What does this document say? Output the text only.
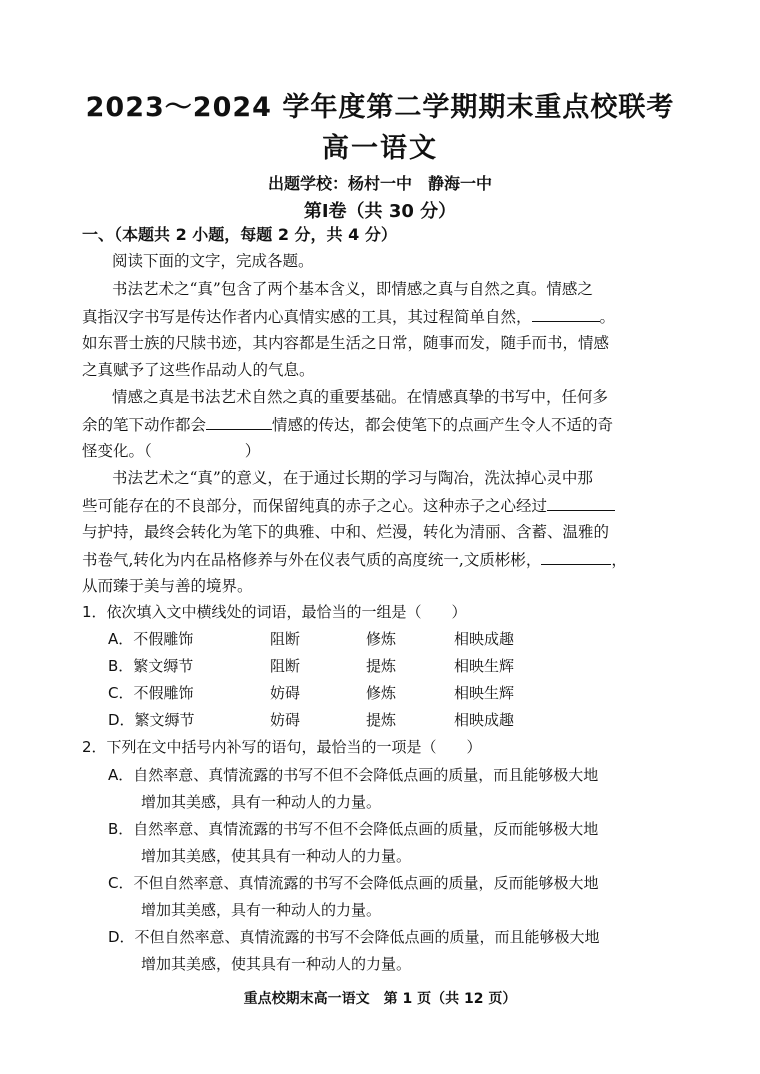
2023～2024 学年度第二学期期末重点校联考
高一语文
出题学校：杨村一中　静海一中
第Ⅰ卷（共 30 分）
一、（本题共 2 小题，每题 2 分，共 4 分）
阅读下面的文字，完成各题。
书法艺术之“真”包含了两个基本含义，即情感之真与自然之真。情感之
真指汉字书写是传达作者内心真情实感的工具，其过程简单自然，	。
如东晋士族的尺牍书迹，其内容都是生活之日常，随事而发，随手而书，情感
之真赋予了这些作品动人的气息。
情感之真是书法艺术自然之真的重要基础。在情感真挚的书写中，任何多
余的笔下动作都会	情感的传达，都会使笔下的点画产生令人不适的奇
怪变化。（　　　　　　）
书法艺术之“真”的意义，在于通过长期的学习与陶冶，洗汰掉心灵中那
些可能存在的不良部分，而保留纯真的赤子之心。这种赤子之心经过
与护持，最终会转化为笔下的典雅、中和、烂漫，转化为清丽、含蓄、温雅的
书卷气,转化为内在品格修养与外在仪表气质的高度统一,文质彬彬，	，
从而臻于美与善的境界。
1．依次填入文中横线处的词语，最恰当的一组是（　　）
A．不假雕饰	阻断	修炼	相映成趣
B．繁文缛节	阻断	提炼	相映生辉
C．不假雕饰	妨碍	修炼	相映生辉
D．繁文缛节	妨碍	提炼	相映成趣
2．下列在文中括号内补写的语句，最恰当的一项是（　　）
A．自然率意、真情流露的书写不但不会降低点画的质量，而且能够极大地
增加其美感，具有一种动人的力量。
B．自然率意、真情流露的书写不但不会降低点画的质量，反而能够极大地
增加其美感，使其具有一种动人的力量。
C．不但自然率意、真情流露的书写不会降低点画的质量，反而能够极大地
增加其美感，具有一种动人的力量。
D．不但自然率意、真情流露的书写不会降低点画的质量，而且能够极大地
增加其美感，使其具有一种动人的力量。
重点校期末高一语文　第 1 页（共 12 页）
